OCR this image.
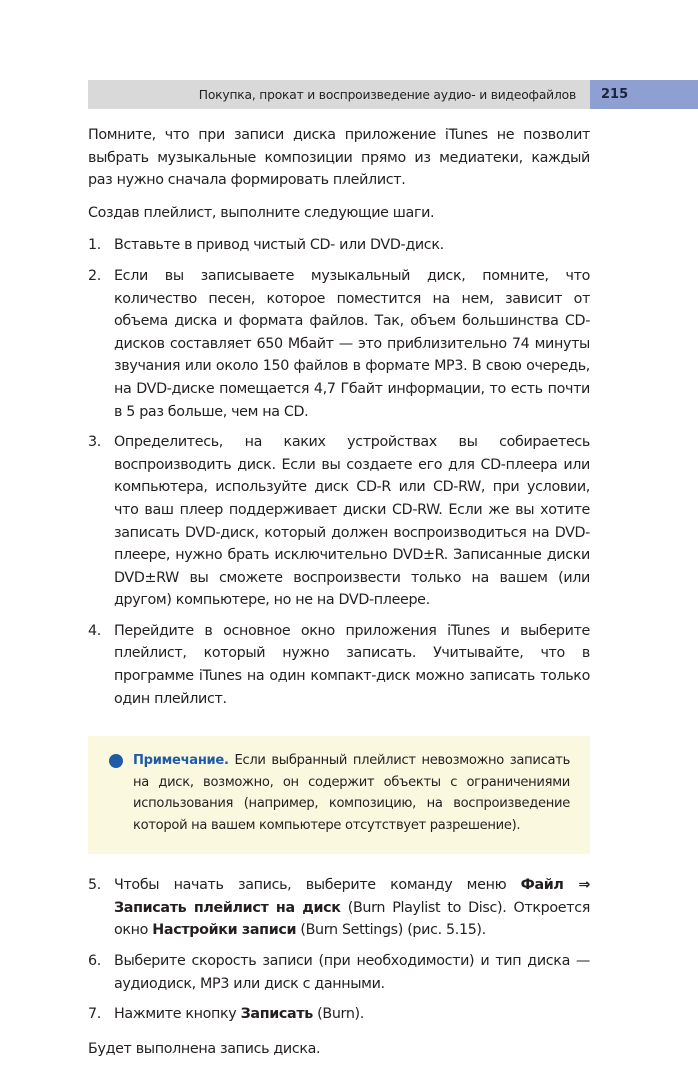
Покупка, прокат и воспроизведение аудио- и видеофайлов 215

Помните, что при записи диска приложение iTunes не позволит выбрать музыкальные композиции прямо из медиатеки, каждый раз нужно сначала формировать плейлист.

Создав плейлист, выполните следующие шаги.

1. Вставьте в привод чистый CD- или DVD-диск.
2. Если вы записываете музыкальный диск, помните, что количество песен, которое поместится на нем, зависит от объема диска и формата файлов. Так, объем большинства CD-дисков составляет 650 Мбайт — это приблизительно 74 минуты звучания или около 150 файлов в формате MP3. В свою очередь, на DVD-диске помещается 4,7 Гбайт информации, то есть почти в 5 раз больше, чем на CD.
3. Определитесь, на каких устройствах вы собираетесь воспроизводить диск. Если вы создаете его для CD-плеера или компьютера, используйте диск CD-R или CD-RW, при условии, что ваш плеер поддерживает диски CD-RW. Если же вы хотите записать DVD-диск, который должен воспроизводиться на DVD-плеере, нужно брать исключительно DVD±R. Записанные диски DVD±RW вы сможете воспроизвести только на вашем (или другом) компьютере, но не на DVD-плеере.
4. Перейдите в основное окно приложения iTunes и выберите плейлист, который нужно записать. Учитывайте, что в программе iTunes на один компакт-диск можно записать только один плейлист.

Примечание. Если выбранный плейлист невозможно записать на диск, возможно, он содержит объекты с ограничениями использования (например, композицию, на воспроизведение которой на вашем компьютере отсутствует разрешение).

5. Чтобы начать запись, выберите команду меню Файл ⇒ Записать плейлист на диск (Burn Playlist to Disc). Откроется окно Настройки записи (Burn Settings) (рис. 5.15).
6. Выберите скорость записи (при необходимости) и тип диска — аудиодиск, MP3 или диск с данными.
7. Нажмите кнопку Записать (Burn).

Будет выполнена запись диска.
